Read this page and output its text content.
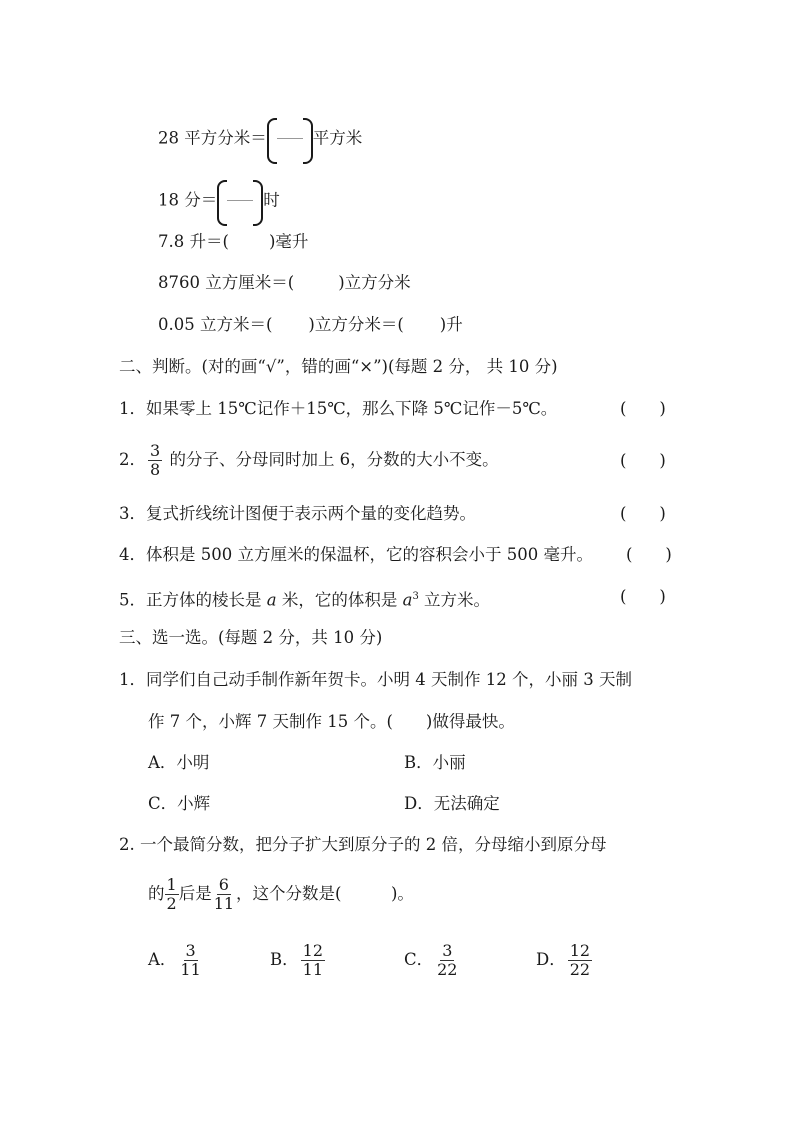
28 平方分米＝	平方米
18 分＝	时
7.8 升＝( )毫升
8760 立方厘米＝(	)立方分米
0.05 立方米＝( )立方分米＝( )升
二、判断。(对的画“√”，错的画“×”)(每题 2 分， 共 10 分)
1．如果零上 15℃记作＋15℃，那么下降 5℃记作－5℃。	(　　)
2． $\frac{3}{8}$ 的分子、分母同时加上 6，分数的大小不变。	(　　)
3．复式折线统计图便于表示两个量的变化趋势。	(　　)
4．体积是 500 立方厘米的保温杯，它的容积会小于 500 毫升。 (　　)
5．正方体的棱长是 a 米，它的体积是 $a^3$ 立方米。	(　　)
三、选一选。(每题 2 分，共 10 分)
1．同学们自己动手制作新年贺卡。小明 4 天制作 12 个，小丽 3 天制
作 7 个，小辉 7 天制作 15 个。(　　)做得最快。
A．小明	B．小丽
C．小辉	D．无法确定
2. 一个最简分数，把分子扩大到原分子的 2 倍，分母缩小到原分母
的 $\frac{1}{2}$ 后是 $\frac{6}{11}$ ，这个分数是(　　　)。
A． $\frac{3}{11}$	B． $\frac{12}{11}$	C． $\frac{3}{22}$	D． $\frac{12}{22}$
